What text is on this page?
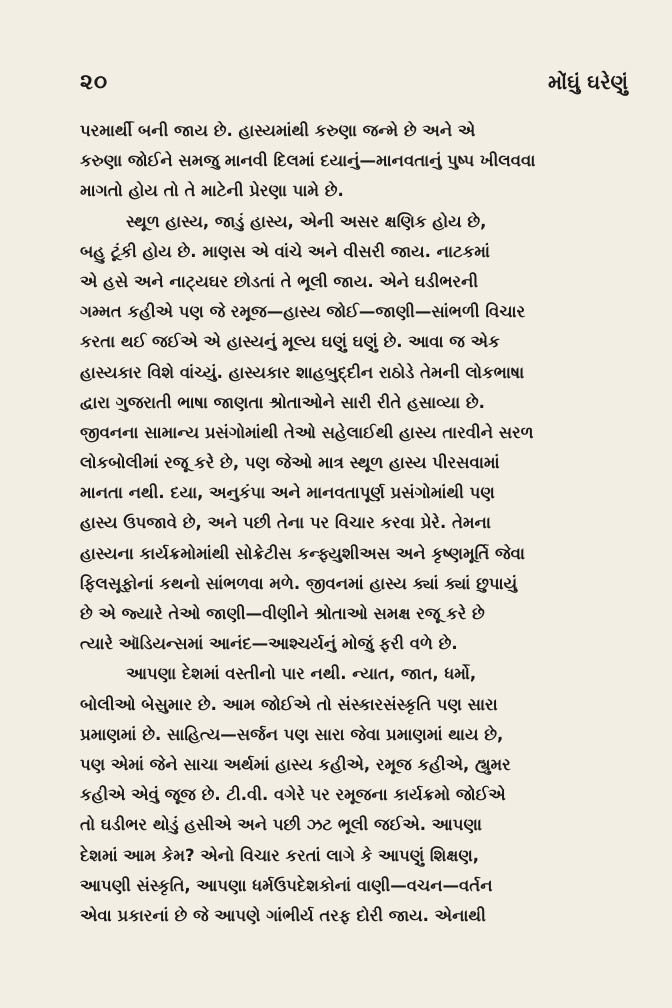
૨૦	મોંઘું ઘરેણું
પરમાર્થી બની જાય છે. હાસ્યમાંથી કરુણા જન્મે છે અને એ
કરુણા જોઈને સમજુ માનવી દિલમાં દયાનું—માનવતાનું પુષ્પ ખીલવવા
માગતો હોય તો તે માટેની પ્રેરણા પામે છે.
સ્થૂળ હાસ્ય, જાડું હાસ્ય, એની અસર ક્ષણિક હોય છે,
બહુ ટૂંકી હોય છે. માણસ એ વાંચે અને વીસરી જાય. નાટકમાં
એ હસે અને નાટ્યઘર છોડતાં તે ભૂલી જાય. એને ઘડીભરની
ગમ્મત કહીએ પણ જે રમૂજ—હાસ્ય જોઈ—જાણી—સાંભળી વિચાર
કરતા થઈ જઈએ એ હાસ્યનું મૂલ્ય ઘણું ઘણું છે. આવા જ એક
હાસ્યકાર વિશે વાંચ્યું. હાસ્યકાર શાહબુદ્દીન રાઠોડે તેમની લોકભાષા
દ્વારા ગુજરાતી ભાષા જાણતા શ્રોતાઓને સારી રીતે હસાવ્યા છે.
જીવનના સામાન્ય પ્રસંગોમાંથી તેઓ સહેલાઈથી હાસ્ય તારવીને સરળ
લોકબોલીમાં રજૂ કરે છે, પણ જેઓ માત્ર સ્થૂળ હાસ્ય પીરસવામાં
માનતા નથી. દયા, અનુકંપા અને માનવતાપૂર્ણ પ્રસંગોમાંથી પણ
હાસ્ય ઉપજાવે છે, અને પછી તેના પર વિચાર કરવા પ્રેરે. તેમના
હાસ્યના કાર્યક્રમોમાંથી સોક્રેટીસ કન્ફ્યુશીઅસ અને કૃષ્ણમૂર્તિ જેવા
ફિલસૂફોનાં કથનો સાંભળવા મળે. જીવનમાં હાસ્ય ક્યાં ક્યાં છુપાયું
છે એ જ્યારે તેઓ જાણી—વીણીને શ્રોતાઓ સમક્ષ રજૂ કરે છે
ત્યારે ઑડિયન્સમાં આનંદ—આશ્ચર્યનું મોજું ફરી વળે છે.
આપણા દેશમાં વસ્તીનો પાર નથી. ન્યાત, જાત, ધર્મો,
બોલીઓ બેસુમાર છે. આમ જોઈએ તો સંસ્કારસંસ્કૃતિ પણ સારા
પ્રમાણમાં છે. સાહિત્ય—સર્જન પણ સારા જેવા પ્રમાણમાં થાય છે,
પણ એમાં જેને સાચા અર્થમાં હાસ્ય કહીએ, રમૂજ કહીએ, હ્યુમર
કહીએ એવું જૂજ છે. ટી.વી. વગેરે પર રમૂજના કાર્યક્રમો જોઈએ
તો ઘડીભર થોડું હસીએ અને પછી ઝટ ભૂલી જઈએ. આપણા
દેશમાં આમ કેમ? એનો વિચાર કરતાં લાગે કે આપણું શિક્ષણ,
આપણી સંસ્કૃતિ, આપણા ધર્મઉપદેશકોનાં વાણી—વચન—વર્તન
એવા પ્રકારનાં છે જે આપણે ગાંભીર્ય તરફ દોરી જાય. એનાથી
